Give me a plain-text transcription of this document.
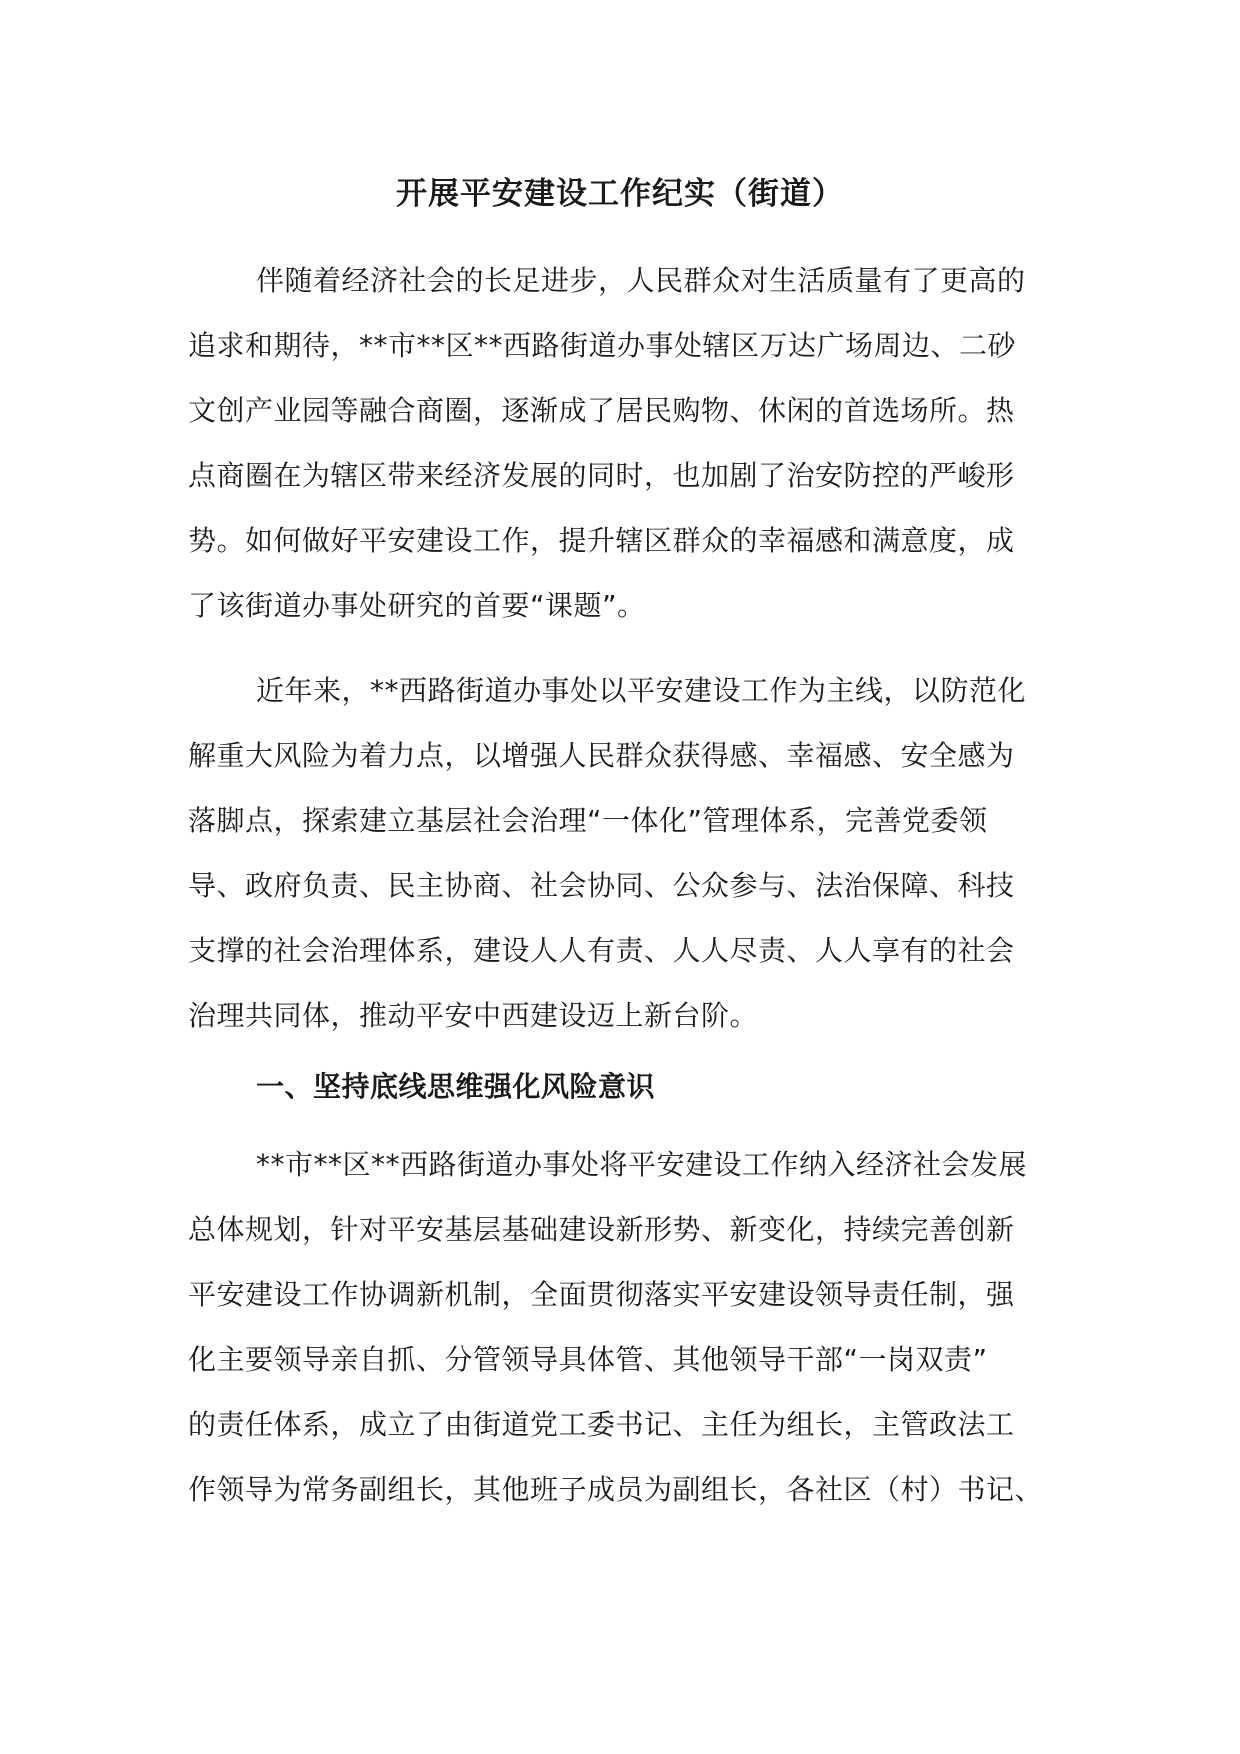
开展平安建设工作纪实（街道）
伴随着经济社会的长足进步，人民群众对生活质量有了更高的
追求和期待，**市**区**西路街道办事处辖区万达广场周边、二砂
文创产业园等融合商圈，逐渐成了居民购物、休闲的首选场所。热
点商圈在为辖区带来经济发展的同时，也加剧了治安防控的严峻形
势。如何做好平安建设工作，提升辖区群众的幸福感和满意度，成
了该街道办事处研究的首要“课题”。
近年来，**西路街道办事处以平安建设工作为主线，以防范化
解重大风险为着力点，以增强人民群众获得感、幸福感、安全感为
落脚点，探索建立基层社会治理“一体化”管理体系，完善党委领
导、政府负责、民主协商、社会协同、公众参与、法治保障、科技
支撑的社会治理体系，建设人人有责、人人尽责、人人享有的社会
治理共同体，推动平安中西建设迈上新台阶。
一、坚持底线思维强化风险意识
**市**区**西路街道办事处将平安建设工作纳入经济社会发展
总体规划，针对平安基层基础建设新形势、新变化，持续完善创新
平安建设工作协调新机制，全面贯彻落实平安建设领导责任制，强
化主要领导亲自抓、分管领导具体管、其他领导干部“一岗双责”
的责任体系，成立了由街道党工委书记、主任为组长，主管政法工
作领导为常务副组长，其他班子成员为副组长，各社区（村）书记、
